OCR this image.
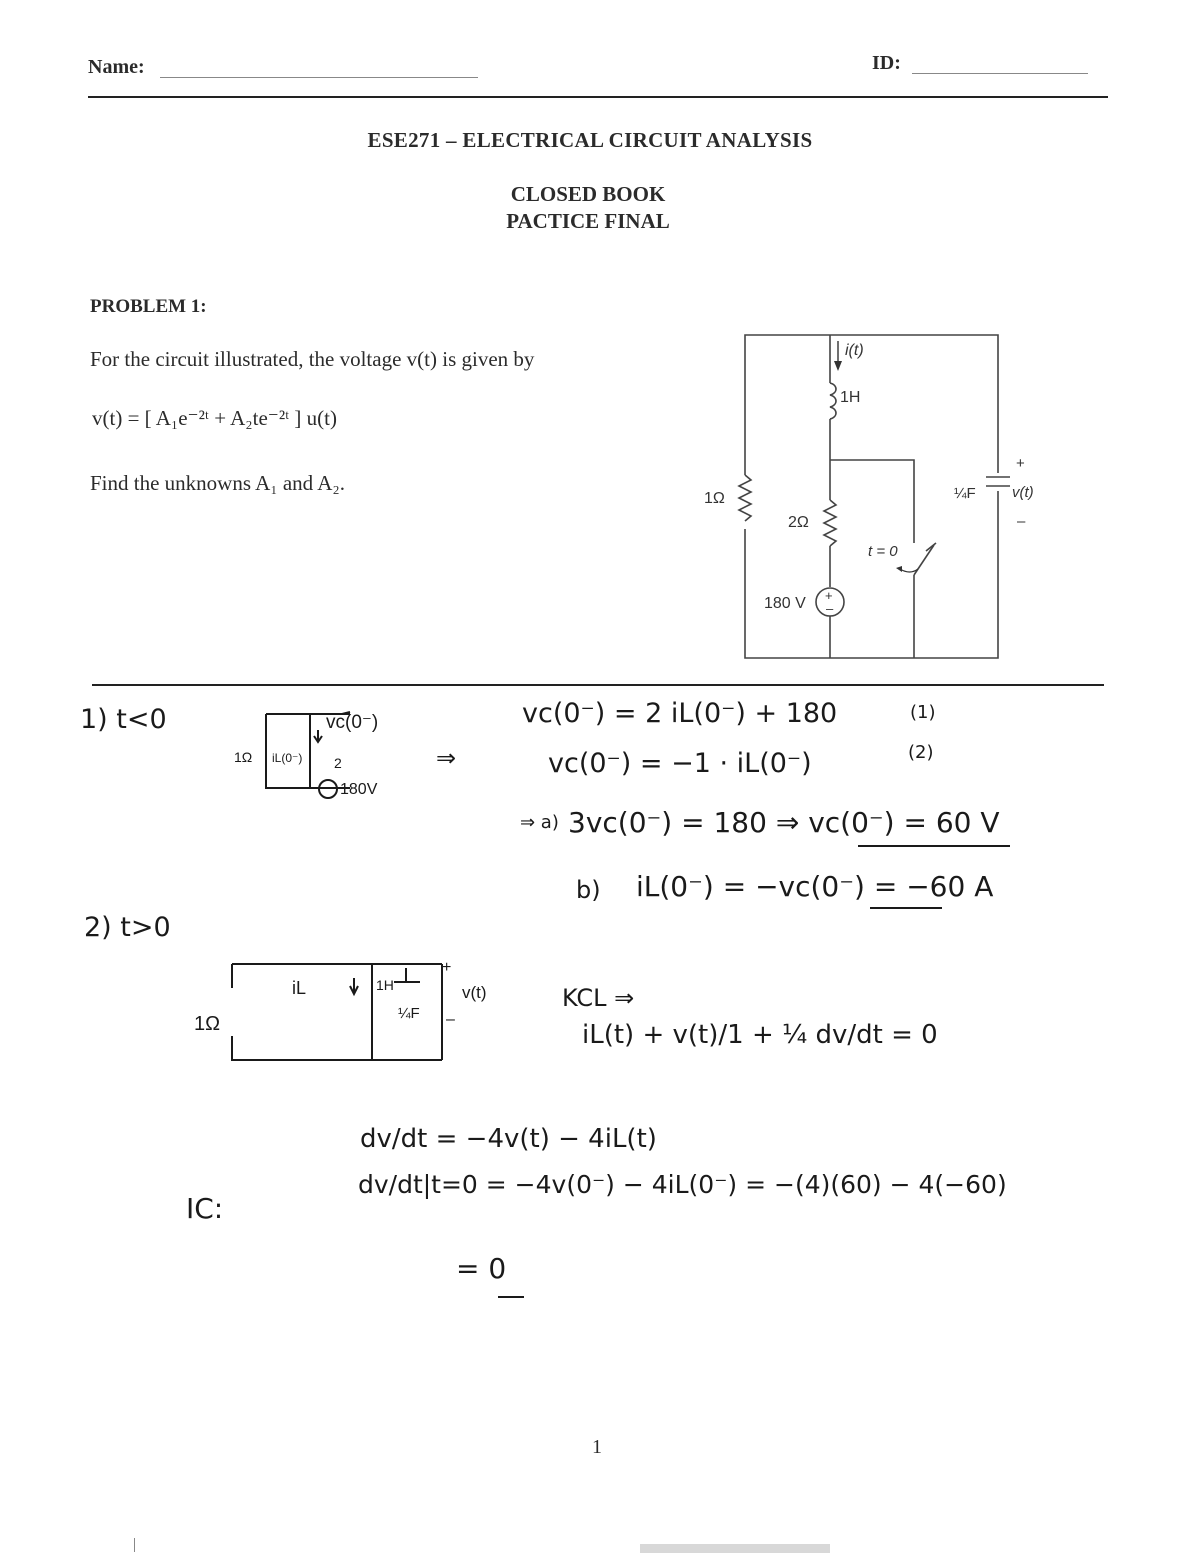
Name:	ID:
ESE271 – ELECTRICAL CIRCUIT ANALYSIS
CLOSED BOOK
PACTICE FINAL
PROBLEM 1:
For the circuit illustrated, the voltage v(t) is given by
v(t) = [ A₁e⁻²ᵗ + A₂te⁻²ᵗ ] u(t)
Find the unknowns A₁ and A₂.
+
–
i(t)
1H
1Ω
2Ω
t = 0
180 V
¼F
+
v(t)
–
1) t<0	vc(0⁻)
1Ω iL(0⁻) 2
180V
⇒
vc(0⁻) = 2 iL(0⁻) + 180	(1)
vc(0⁻) = −1 · iL(0⁻)	(2)
⇒ a) 3vc(0⁻) = 180 ⇒ vc(0⁻) = 60 V
b) iL(0⁻) = −vc(0⁻) = −60 A
2) t>0
1Ω
iL	1H
¼F
+
v(t)
–
KCL ⇒
iL(t) + v(t)/1 + ¼ dv/dt = 0
dv/dt = −4v(t) − 4iL(t)
IC:
dv/dt|t=0 = −4v(0⁻) − 4iL(0⁻) = −(4)(60) − 4(−60)
= 0
1
